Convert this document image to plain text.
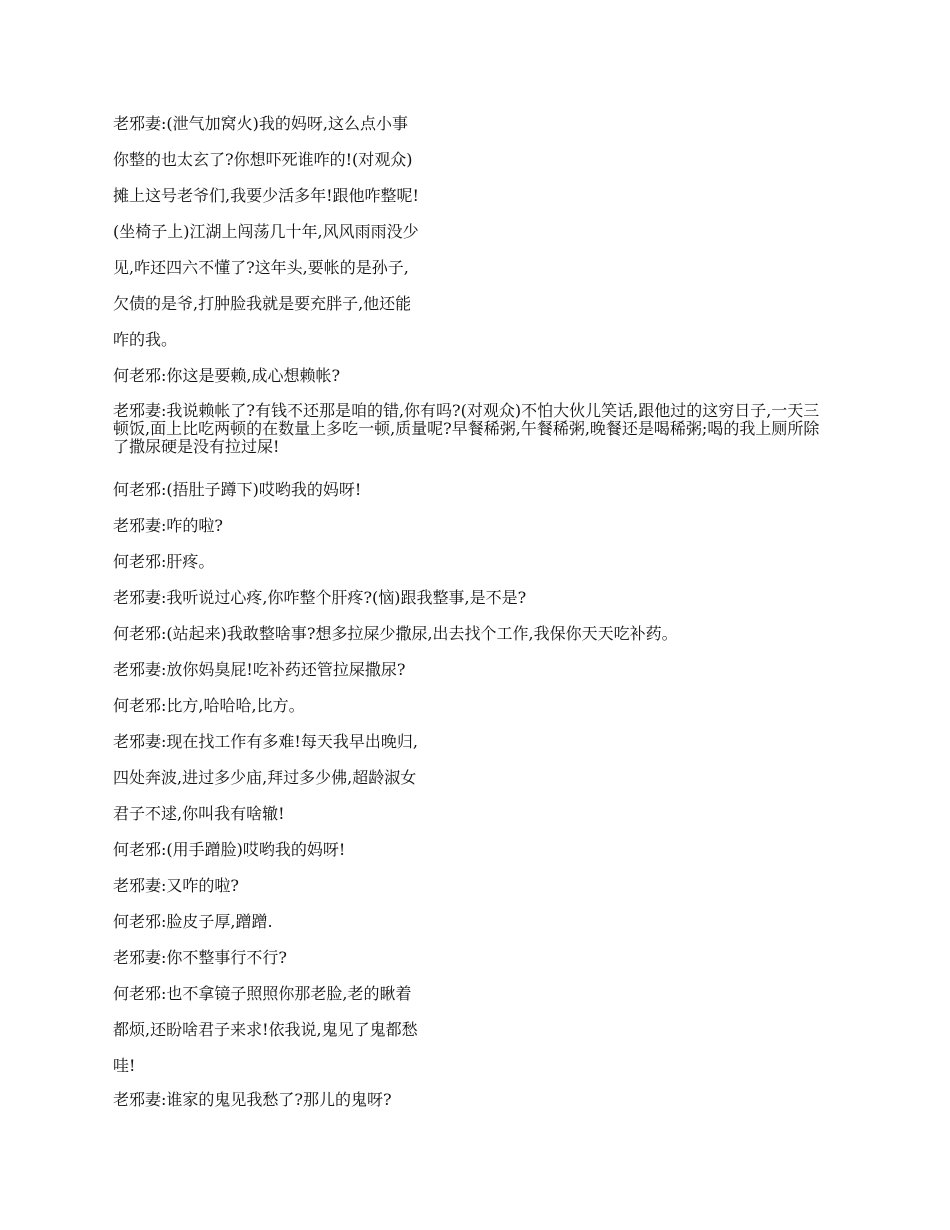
老邪妻:(泄气加窝火)我的妈呀,这么点小事
你整的也太玄了?你想吓死谁咋的!(对观众)
摊上这号老爷们,我要少活多年!跟他咋整呢!
(坐椅子上)江湖上闯荡几十年,风风雨雨没少
见,咋还四六不懂了?这年头,要帐的是孙子,
欠债的是爷,打肿脸我就是要充胖子,他还能
咋的我。
何老邪:你这是要赖,成心想赖帐?
老邪妻:我说赖帐了?有钱不还那是咱的错,你有吗?(对观众)不怕大伙儿笑话,跟他过的这穷日子,一天三顿饭,面上比吃两顿的在数量上多吃一顿,质量呢?早餐稀粥,午餐稀粥,晚餐还是喝稀粥;喝的我上厕所除了撒尿硬是没有拉过屎!
何老邪:(捂肚子蹲下)哎哟我的妈呀!
老邪妻:咋的啦?
何老邪:肝疼。
老邪妻:我听说过心疼,你咋整个肝疼?(恼)跟我整事,是不是?
何老邪:(站起来)我敢整啥事?想多拉屎少撒尿,出去找个工作,我保你天天吃补药。
老邪妻:放你妈臭屁!吃补药还管拉屎撒尿?
何老邪:比方,哈哈哈,比方。
老邪妻:现在找工作有多难!每天我早出晚归,
四处奔波,进过多少庙,拜过多少佛,超龄淑女
君子不逑,你叫我有啥辙!
何老邪:(用手蹭脸)哎哟我的妈呀!
老邪妻:又咋的啦?
何老邪:脸皮子厚,蹭蹭.
老邪妻:你不整事行不行?
何老邪:也不拿镜子照照你那老脸,老的瞅着
都烦,还盼啥君子来求!依我说,鬼见了鬼都愁
哇!
老邪妻:谁家的鬼见我愁了?那儿的鬼呀?
